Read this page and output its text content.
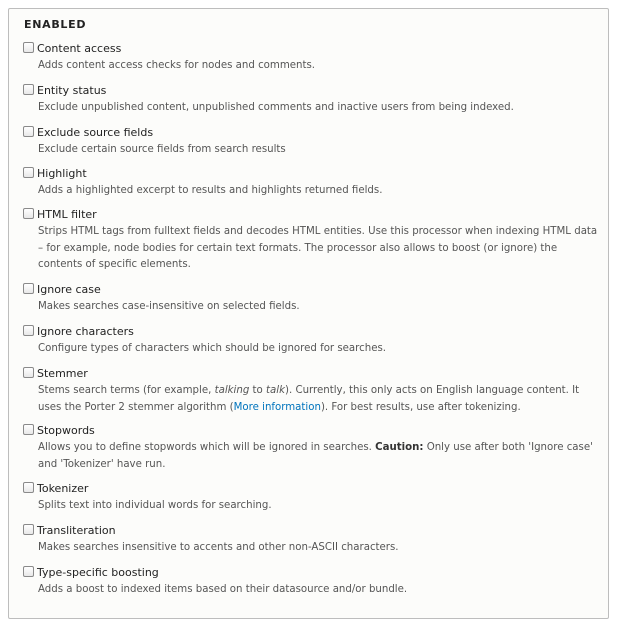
ENABLED
Content access
Adds content access checks for nodes and comments.
Entity status
Exclude unpublished content, unpublished comments and inactive users from being indexed.
Exclude source fields
Exclude certain source fields from search results
Highlight
Adds a highlighted excerpt to results and highlights returned fields.
HTML filter
Strips HTML tags from fulltext fields and decodes HTML entities. Use this processor when indexing HTML data – for example, node bodies for certain text formats. The processor also allows to boost (or ignore) the contents of specific elements.
Ignore case
Makes searches case-insensitive on selected fields.
Ignore characters
Configure types of characters which should be ignored for searches.
Stemmer
Stems search terms (for example, talking to talk). Currently, this only acts on English language content. It uses the Porter 2 stemmer algorithm (More information). For best results, use after tokenizing.
Stopwords
Allows you to define stopwords which will be ignored in searches. Caution: Only use after both 'Ignore case' and 'Tokenizer' have run.
Tokenizer
Splits text into individual words for searching.
Transliteration
Makes searches insensitive to accents and other non-ASCII characters.
Type-specific boosting
Adds a boost to indexed items based on their datasource and/or bundle.
